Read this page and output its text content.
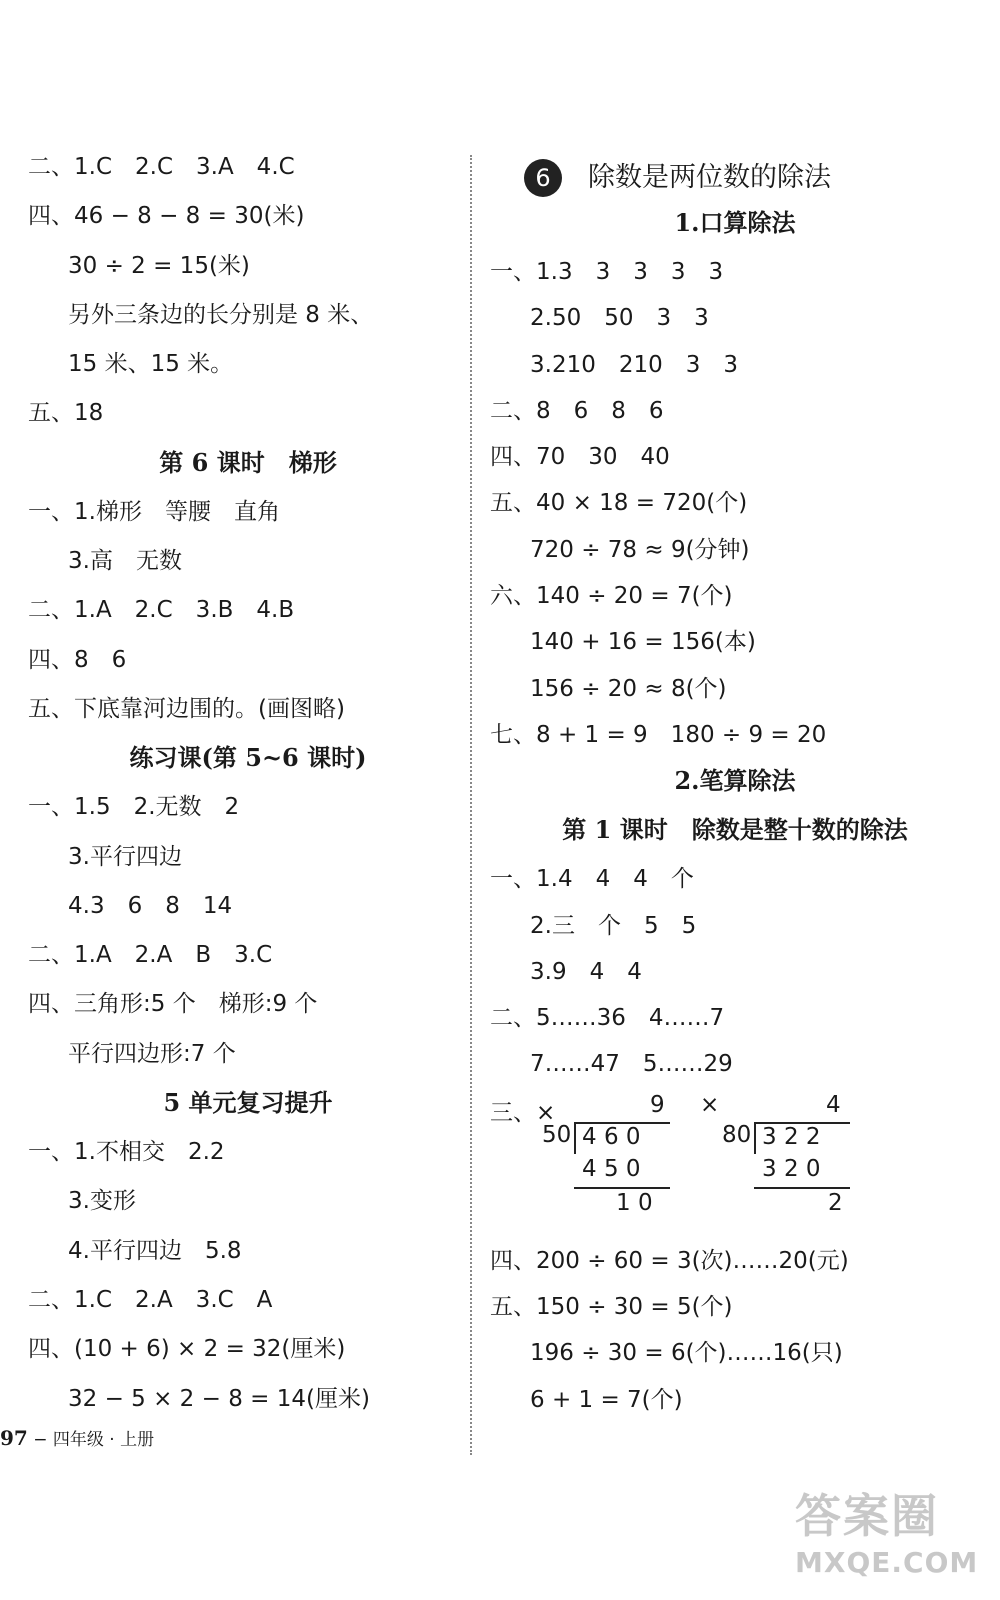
二、1.C　2.C　3.A　4.C
四、46 − 8 − 8 = 30(米)
30 ÷ 2 = 15(米)
另外三条边的长分别是 8 米、
15 米、15 米。
五、18
第 6 课时　梯形
一、1.梯形　等腰　直角
3.高　无数
二、1.A　2.C　3.B　4.B
四、8　6
五、下底靠河边围的。(画图略)
练习课(第 5~6 课时)
一、1.5　2.无数　2
3.平行四边
4.3　6　8　14
二、1.A　2.A　B　3.C
四、三角形:5 个　梯形:9 个
平行四边形:7 个
5 单元复习提升
一、1.不相交　2.2
3.变形
4.平行四边　5.8
二、1.C　2.A　3.C　A
四、(10 + 6) × 2 = 32(厘米)
32 − 5 × 2 − 8 = 14(厘米)
6	除数是两位数的除法
1.口算除法
一、1.3　3　3　3　3
2.50　50　3　3
3.210　210　3　3
二、8　6　8　6
四、70　30　40
五、40 × 18 = 720(个)
720 ÷ 78 ≈ 9(分钟)
六、140 ÷ 20 = 7(个)
140 + 16 = 156(本)
156 ÷ 20 ≈ 8(个)
七、8 + 1 = 9　180 ÷ 9 = 20
2.笔算除法
第 1 课时　除数是整十数的除法
一、1.4　4　4　个
2.三　个　5　5
3.9　4　4
二、5……36　4……7
7……47　5……29
三、×	9
50 4 6 0
4 5 0
1 0
×	4
80 3 2 2
3 2 0
2
四、200 ÷ 60 = 3(次)……20(元)
五、150 ÷ 30 = 5(个)
196 ÷ 30 = 6(个)……16(只)
6 + 1 = 7(个)
97 − 四年级 · 上册
答案圈
MXQE.COM
